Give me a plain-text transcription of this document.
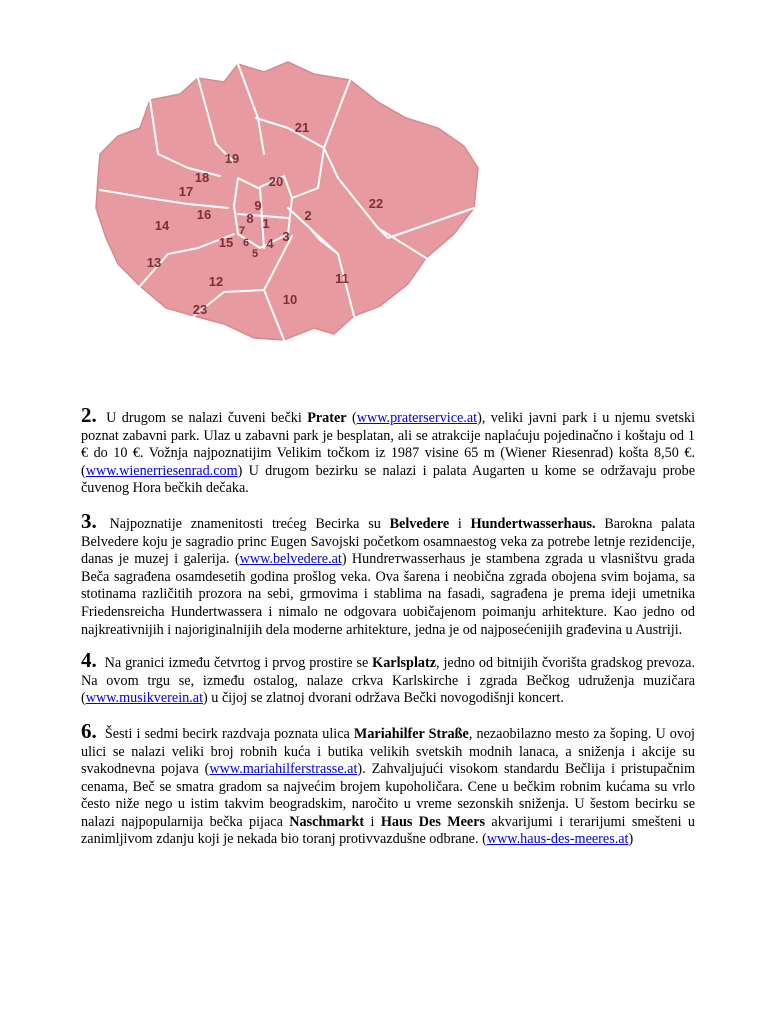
21
19
20
18
17
22
9
16	8	2
1
7
14
3
15 6 4
5
13
11
12
10
23

2. U drugom se nalazi čuveni bečki Prater (www.praterservice.at), veliki javni park i u njemu svetski poznat zabavni park. Ulaz u zabavni park je besplatan, ali se atrakcije naplaćuju pojedinačno i koštaju od 1 € do 10 €. Vožnja najpoznatijim Velikim točkom iz 1987 visine 65 m (Wiener Riesenrad) košta 8,50 €. (www.wienerriesenrad.com) U drugom bezirku se nalazi i palata Augarten u kome se održavaju probe čuvenog Hora bečkih dečaka.

3. Najpoznatije znamenitosti trećeg Becirka su Belvedere i Hundertwasserhaus. Barokna palata Belvedere koju je sagradio princ Eugen Savojski početkom osamnaestog veka za potrebe letnje rezidencije, danas je muzej i galerija. (www.belvedere.at) Hundrетwasserhaus je stambena zgrada u vlasništvu grada Beča sagrađena osamdesetih godina prošlog veka. Ova šarena i neobična zgrada obojena svim bojama, sa stotinama različitih prozora na sebi, grmovima i stablima na fasadi, sagrađena je prema ideji umetnika Friedensreicha Hundertwassera i nimalo ne odgovara uobičajenom poimanju arhitekture. Kao jedno od najkreativnijih i najoriginalnijih dela moderne arhitekture, jedna je od najposećenijih građevina u Austriji.

4. Na granici između četvrtog i prvog prostire se Karlsplatz, jedno od bitnijih čvorišta gradskog prevoza. Na ovom trgu se, između ostalog, nalaze crkva Karlskirche i zgrada Bečkog udruženja muzičara (www.musikverein.at) u čijoj se zlatnoj dvorani održava Bečki novogodišnji koncert.

6. Šesti i sedmi becirk razdvaja poznata ulica Mariahilfer Straße, nezaobilazno mesto za šoping. U ovoj ulici se nalazi veliki broj robnih kuća i butika velikih svetskih modnih lanaca, a sniženja i akcije su svakodnevna pojava (www.mariahilferstrasse.at). Zahvaljujući visokom standardu Bečlija i pristupačnim cenama, Beč se smatra gradom sa najvećim brojem kupoholičara. Cene u bečkim robnim kućama su vrlo često niže nego u istim takvim beogradskim, naročito u vreme sezonskih sniženja. U šestom becirku se nalazi najpopularnija bečka pijaca Naschmarkt i Haus Des Meers akvarijumi i terarijumi smešteni u zanimljivom zdanju koji je nekada bio toranj protivvazdušne odbrane. (www.haus-des-meeres.at)
